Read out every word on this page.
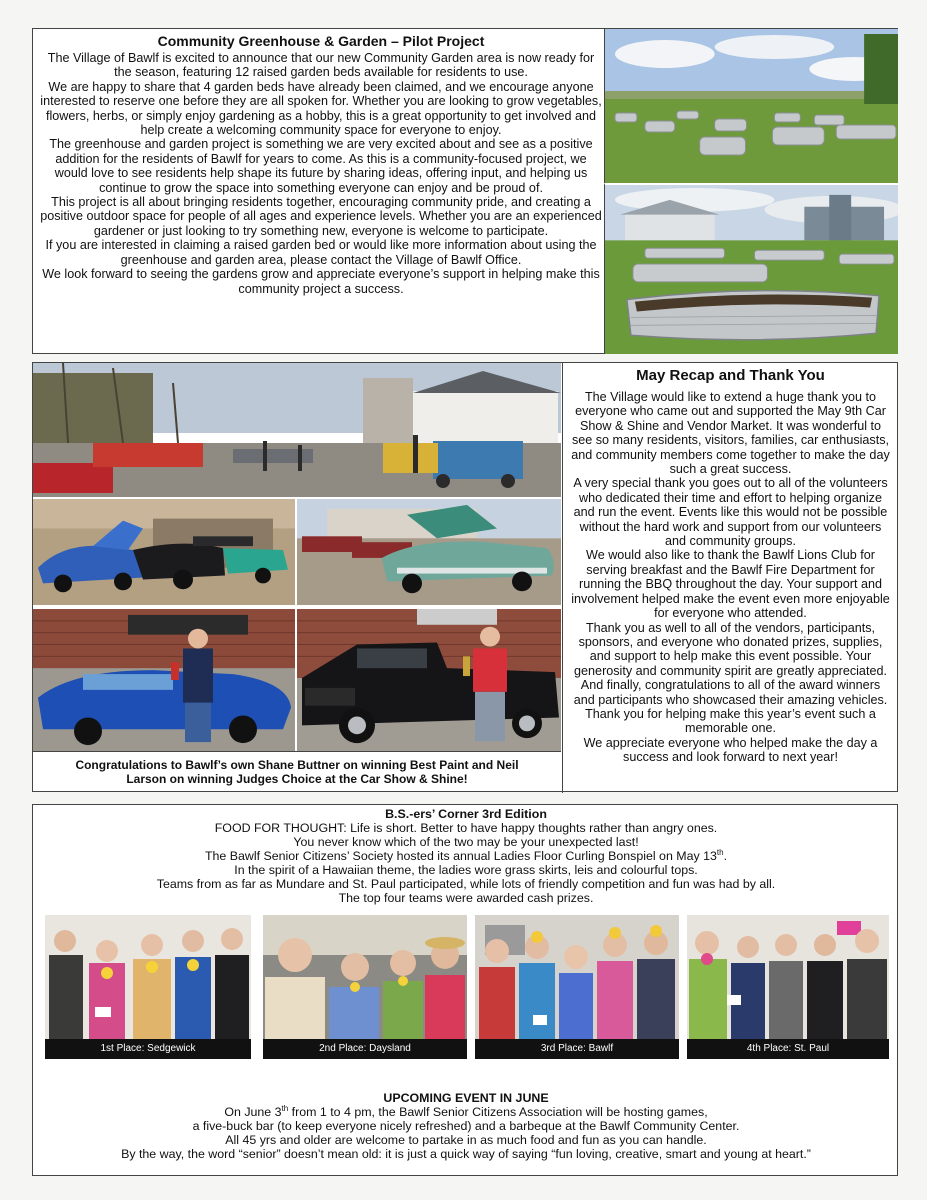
Community Greenhouse & Garden – Pilot Project

The Village of Bawlf is excited to announce that our new Community Garden area is now ready for the season, featuring 12 raised garden beds available for residents to use.

We are happy to share that 4 garden beds have already been claimed, and we encourage anyone interested to reserve one before they are all spoken for. Whether you are looking to grow vegetables, flowers, herbs, or simply enjoy gardening as a hobby, this is a great opportunity to get involved and help create a welcoming community space for everyone to enjoy.

The greenhouse and garden project is something we are very excited about and see as a positive addition for the residents of Bawlf for years to come. As this is a community-focused project, we would love to see residents help shape its future by sharing ideas, offering input, and helping us continue to grow the space into something everyone can enjoy and be proud of.

This project is all about bringing residents together, encouraging community pride, and creating a positive outdoor space for people of all ages and experience levels. Whether you are an experienced gardener or just looking to try something new, everyone is welcome to participate.

If you are interested in claiming a raised garden bed or would like more information about using the greenhouse and garden area, please contact the Village of Bawlf Office.

We look forward to seeing the gardens grow and appreciate everyone’s support in helping make this community project a success.

Congratulations to Bawlf’s own Shane Buttner on winning Best Paint and Neil Larson on winning Judges Choice at the Car Show & Shine!

May Recap and Thank You

The Village would like to extend a huge thank you to everyone who came out and supported the May 9th Car Show & Shine and Vendor Market. It was wonderful to see so many residents, visitors, families, car enthusiasts, and community members come together to make the day such a great success.

A very special thank you goes out to all of the volunteers who dedicated their time and effort to helping organize and run the event. Events like this would not be possible without the hard work and support from our volunteers and community groups.

We would also like to thank the Bawlf Lions Club for serving breakfast and the Bawlf Fire Department for running the BBQ throughout the day. Your support and involvement helped make the event even more enjoyable for everyone who attended.

Thank you as well to all of the vendors, participants, sponsors, and everyone who donated prizes, supplies, and support to help make this event possible. Your generosity and community spirit are greatly appreciated.

And finally, congratulations to all of the award winners and participants who showcased their amazing vehicles. Thank you for helping make this year’s event such a memorable one.

We appreciate everyone who helped make the day a success and look forward to next year!

B.S.-ers’ Corner 3rd Edition

FOOD FOR THOUGHT: Life is short. Better to have happy thoughts rather than angry ones.

You never know which of the two may be your unexpected last!

The Bawlf Senior Citizens’ Society hosted its annual Ladies Floor Curling Bonspiel on May 13th.

In the spirit of a Hawaiian theme, the ladies wore grass skirts, leis and colourful tops.

Teams from as far as Mundare and St. Paul participated, while lots of friendly competition and fun was had by all.

The top four teams were awarded cash prizes.

1st Place: Sedgewick	2nd Place: Daysland	3rd Place: Bawlf	4th Place: St. Paul

UPCOMING EVENT IN JUNE

On June 3th from 1 to 4 pm, the Bawlf Senior Citizens Association will be hosting games,

a five-buck bar (to keep everyone nicely refreshed) and a barbeque at the Bawlf Community Center.

All 45 yrs and older are welcome to partake in as much food and fun as you can handle.

By the way, the word “senior” doesn’t mean old: it is just a quick way of saying “fun loving, creative, smart and young at heart.”
